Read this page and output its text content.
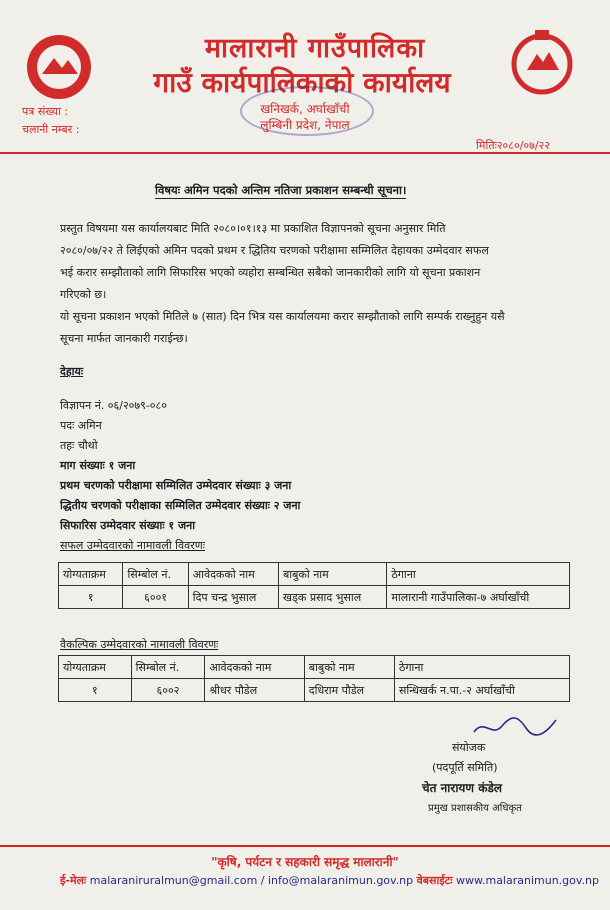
मालारानी गाउँपालिका
गाउँ कार्यपालिकाको कार्यालय
खनिखर्क, अर्घाखाँची
लुम्बिनी प्रदेश, नेपाल
पत्र संख्या :
चलानी नम्बर :
मितिः२०८०/०७/२२
विषयः अमिन पदको अन्तिम नतिजा प्रकाशन सम्बन्धी सूचना।
प्रस्तुत विषयमा यस कार्यालयबाट मिति २०८०।०१।१३ मा प्रकाशित विज्ञापनको सूचना अनुसार मिति
२०८०/०७/२२ ते लिईएको अमिन पदको प्रथम र द्धितिय चरणको परीक्षामा सम्मिलित देहायका उम्मेदवार सफल
भई करार सम्झौताको लागि सिफारिस भएको व्यहोरा सम्बन्धित सबैको जानकारीको लागि यो सूचना प्रकाशन
गरिएको छ।
यो सूचना प्रकाशन भएको मितिले ७ (सात) दिन भित्र यस कार्यालयमा करार सम्झौताको लागि सम्पर्क राख्नुहुन यसै
सूचना मार्फत जानकारी गराईन्छ।
देहायः
विज्ञापन नं. ०६/२०७९-०८०
पदः अमिन
तहः चौथो
माग संख्याः १ जना
प्रथम चरणको परीक्षामा सम्मिलित उम्मेदवार संख्याः ३ जना
द्धितीय चरणको परीक्षाका सम्मिलित उम्मेदवार संख्याः २ जना
सिफारिस उम्मेदवार संख्याः १ जना
सफल उम्मेदवारको नामावली विवरणः
योग्यताक्रम	सिम्बोल नं.	आवेदकको नाम	बाबुको नाम	ठेगाना
१	६००१	दिप चन्द्र भुसाल	खड्क प्रसाद भुसाल	मालारानी गाउँपालिका-७ अर्घाखाँची
वैकल्पिक उम्मेदवारको नामावली विवरणः
योग्यताक्रम	सिम्बोल नं.	आवेदकको नाम	बाबुको नाम	ठेगाना
१	६००२	श्रीधर पौडेल	दधिराम पौडेल	सन्धिखर्क न.पा.-२ अर्घाखाँची
संयोजक
(पदपूर्ति समिति)
चेत नारायण कंडेल
प्रमुख प्रशासकीय अधिकृत
"कृषि, पर्यटन र सहकारी समृद्ध मालारानी"
ई-मेलः malaraniruralmun@gmail.com / info@malaranimun.gov.np वेबसाईटः www.malaranimun.gov.np
